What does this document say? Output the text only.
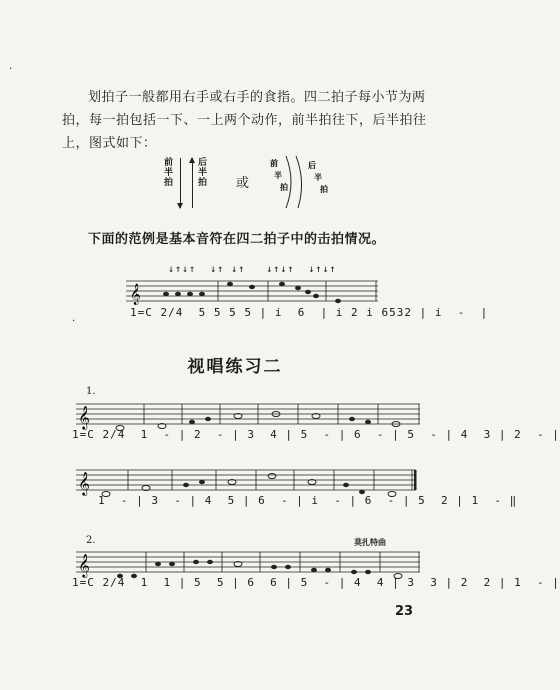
·
·
划拍子一般都用右手或右手的食指。四二拍子每小节为两拍，每一拍包括一下、一上两个动作，前半拍往下，后半拍往上，图式如下：
前
半
拍
后
半
拍 或
前
半
拍
后
半
拍
下面的范例是基本音符在四二拍子中的击拍情况。
↓↑↓↑  ↓↑ ↓↑   ↓↑↓↑  ↓↑↓↑
𝄞
1=C 2/4  5 5 5 5 | i  6  | i 2 i 6532 | i  -  |
视唱练习二
1.
𝄞
1=C 2/4  1  - | 2  - | 3  4 | 5  - | 6  - | 5  - | 4  3 | 2  - |
𝄞
1  - | 3  - | 4  5 | 6  - | i  - | 6  - | 5  2 | 1  - ‖
2.	莫扎特曲
𝄞
1=C 2/4  1  1 | 5  5 | 6  6 | 5  - | 4  4 | 3  3 | 2  2 | 1  - |
23
